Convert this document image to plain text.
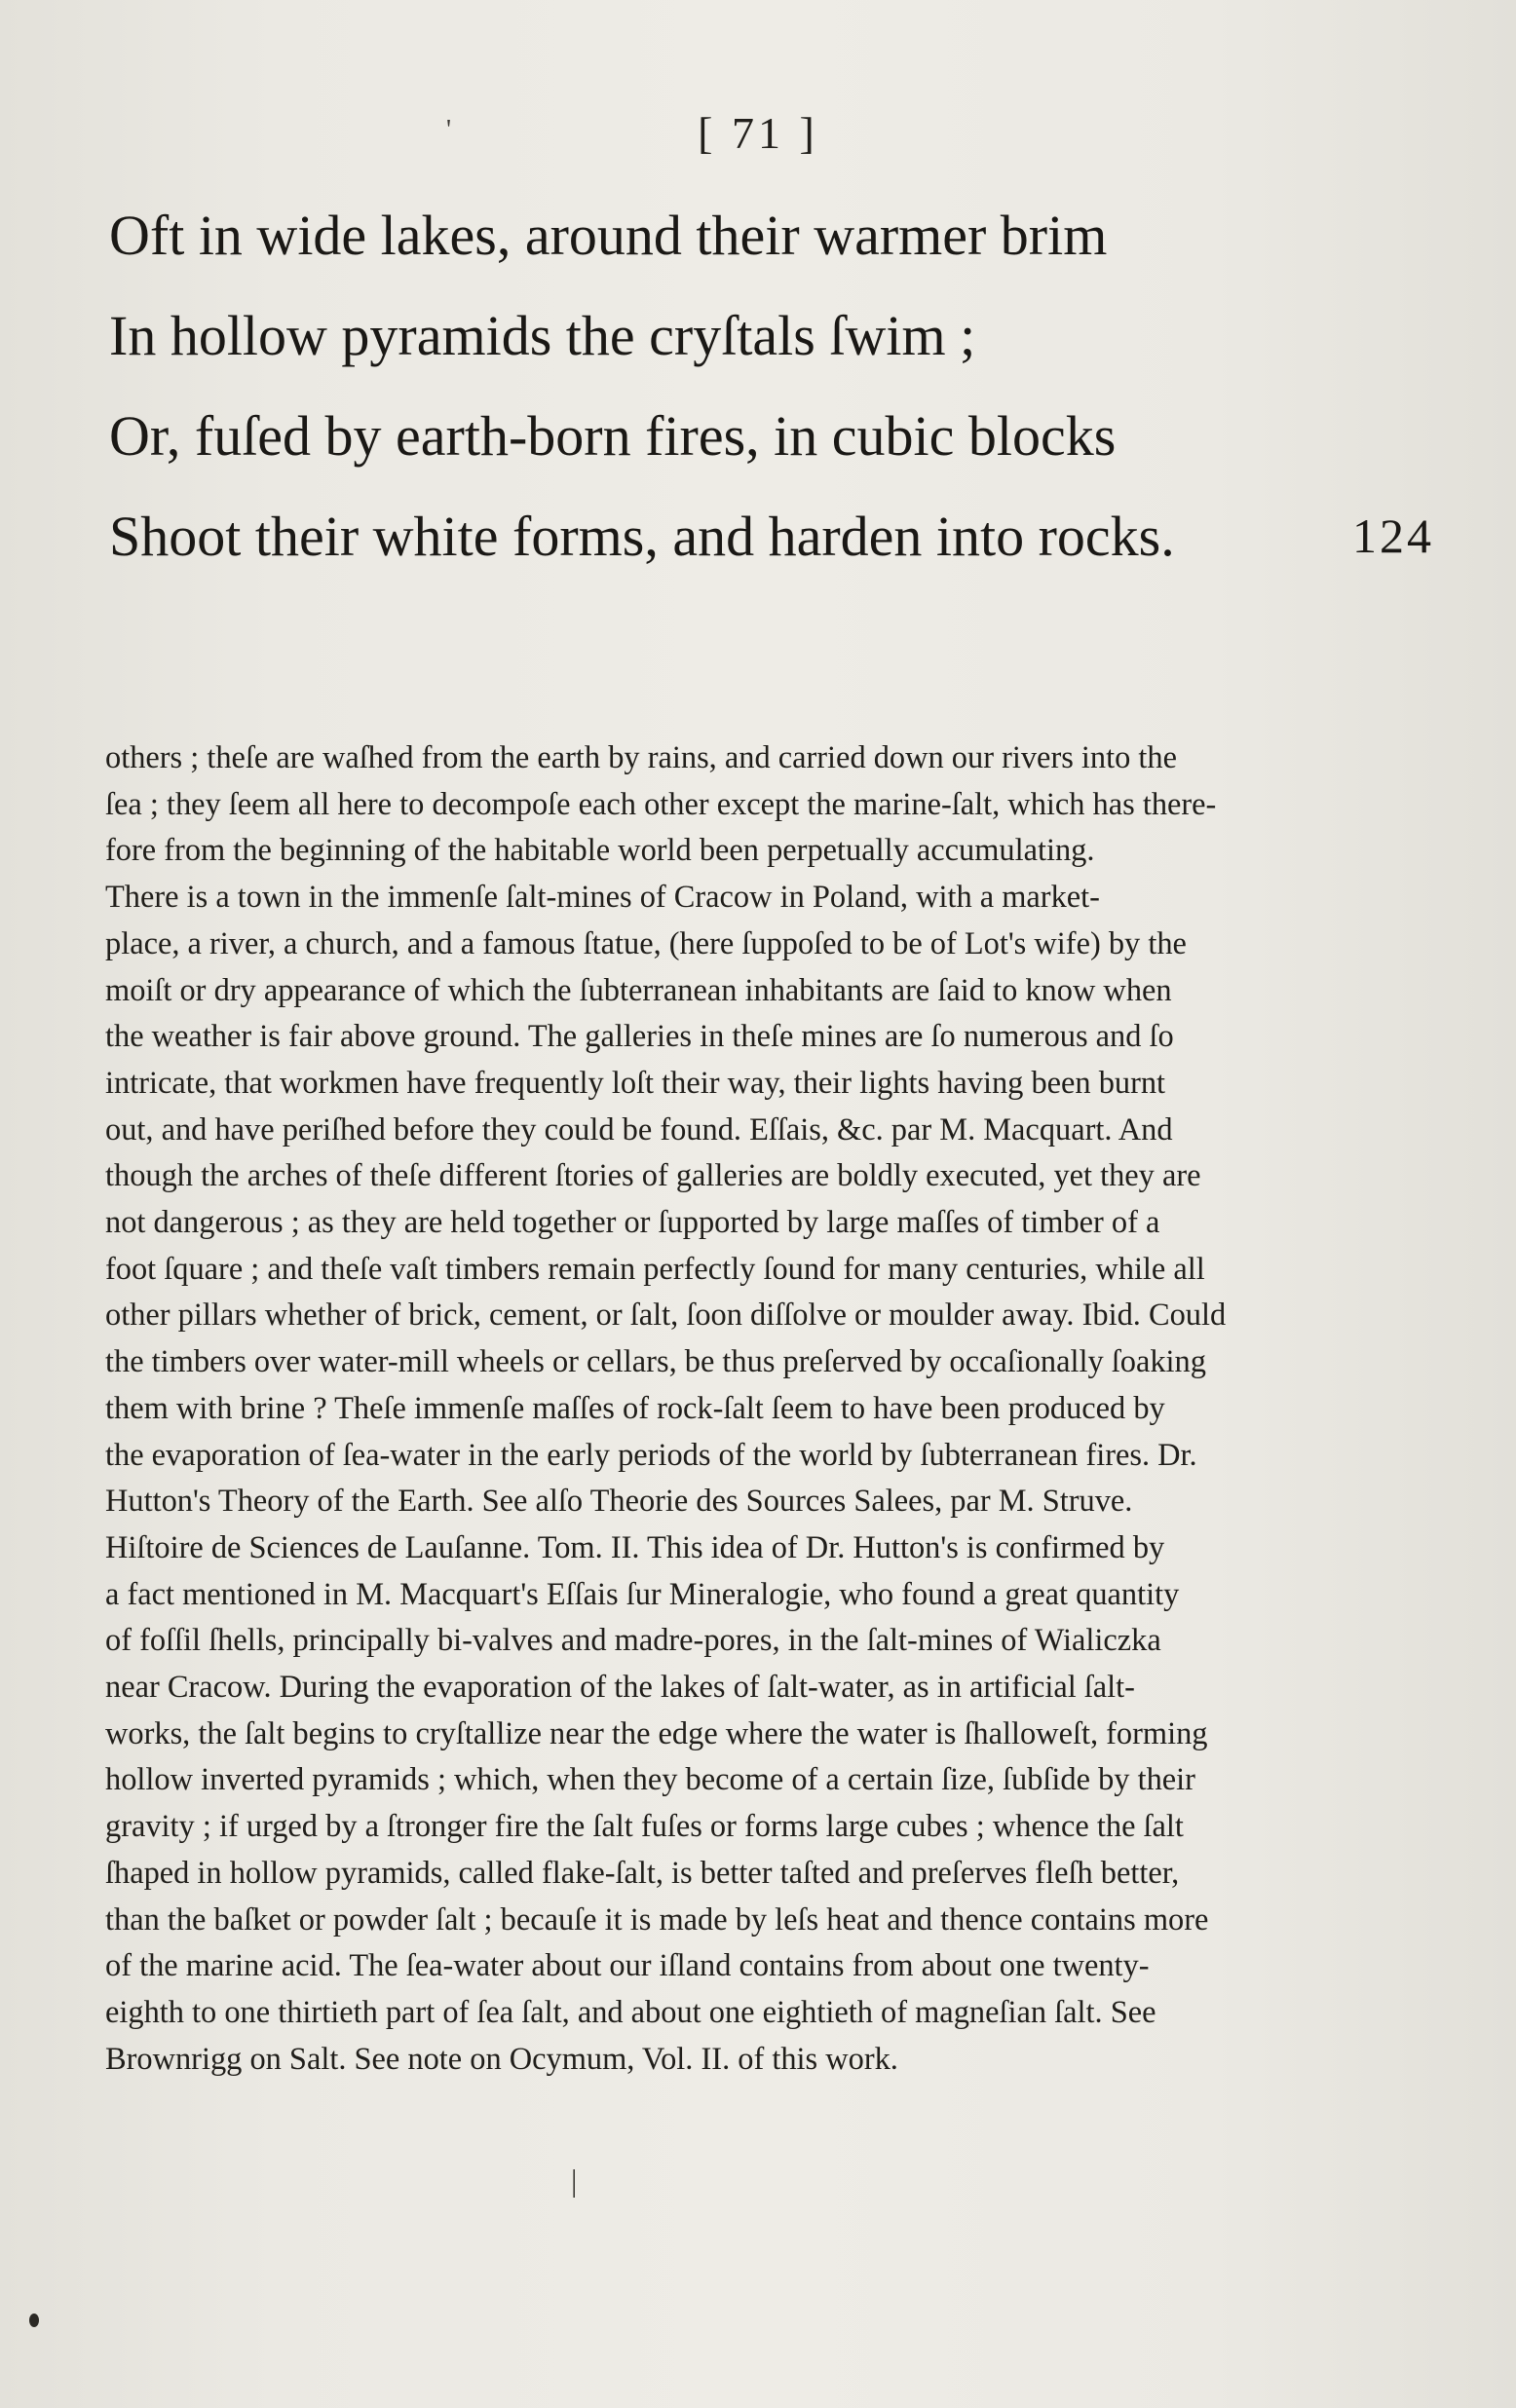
[ 71 ]
Oft in wide lakes, around their warmer brim
In hollow pyramids the cryſtals ſwim ;
Or, fuſed by earth-born fires, in cubic blocks
Shoot their white forms, and harden into rocks.	124

others ; theſe are waſhed from the earth by rains, and carried down our rivers into the
ſea ; they ſeem all here to decompoſe each other except the marine-ſalt, which has there-
fore from the beginning of the habitable world been perpetually accumulating.

There is a town in the immenſe ſalt-mines of Cracow in Poland, with a market-
place, a river, a church, and a famous ſtatue, (here ſuppoſed to be of Lot's wife) by the
moiſt or dry appearance of which the ſubterranean inhabitants are ſaid to know when
the weather is fair above ground. The galleries in theſe mines are ſo numerous and ſo
intricate, that workmen have frequently loſt their way, their lights having been burnt
out, and have periſhed before they could be found. Eſſais, &c. par M. Macquart. And
though the arches of theſe different ſtories of galleries are boldly executed, yet they are
not dangerous ; as they are held together or ſupported by large maſſes of timber of a
foot ſquare ; and theſe vaſt timbers remain perfectly ſound for many centuries, while all
other pillars whether of brick, cement, or ſalt, ſoon diſſolve or moulder away. Ibid. Could
the timbers over water-mill wheels or cellars, be thus preſerved by occaſionally ſoaking
them with brine ? Theſe immenſe maſſes of rock-ſalt ſeem to have been produced by
the evaporation of ſea-water in the early periods of the world by ſubterranean fires. Dr.
Hutton's Theory of the Earth. See alſo Theorie des Sources Salees, par M. Struve.
Hiſtoire de Sciences de Lauſanne. Tom. II. This idea of Dr. Hutton's is confirmed by
a fact mentioned in M. Macquart's Eſſais ſur Mineralogie, who found a great quantity
of foſſil ſhells, principally bi-valves and madre-pores, in the ſalt-mines of Wialiczka
near Cracow. During the evaporation of the lakes of ſalt-water, as in artificial ſalt-
works, the ſalt begins to cryſtallize near the edge where the water is ſhalloweſt, forming
hollow inverted pyramids ; which, when they become of a certain ſize, ſubſide by their
gravity ; if urged by a ſtronger fire the ſalt fuſes or forms large cubes ; whence the ſalt
ſhaped in hollow pyramids, called flake-ſalt, is better taſted and preſerves fleſh better,
than the baſket or powder ſalt ; becauſe it is made by leſs heat and thence contains more
of the marine acid. The ſea-water about our iſland contains from about one twenty-
eighth to one thirtieth part of ſea ſalt, and about one eightieth of magneſian ſalt. See
Brownrigg on Salt. See note on Ocymum, Vol. II. of this work.

'
|
